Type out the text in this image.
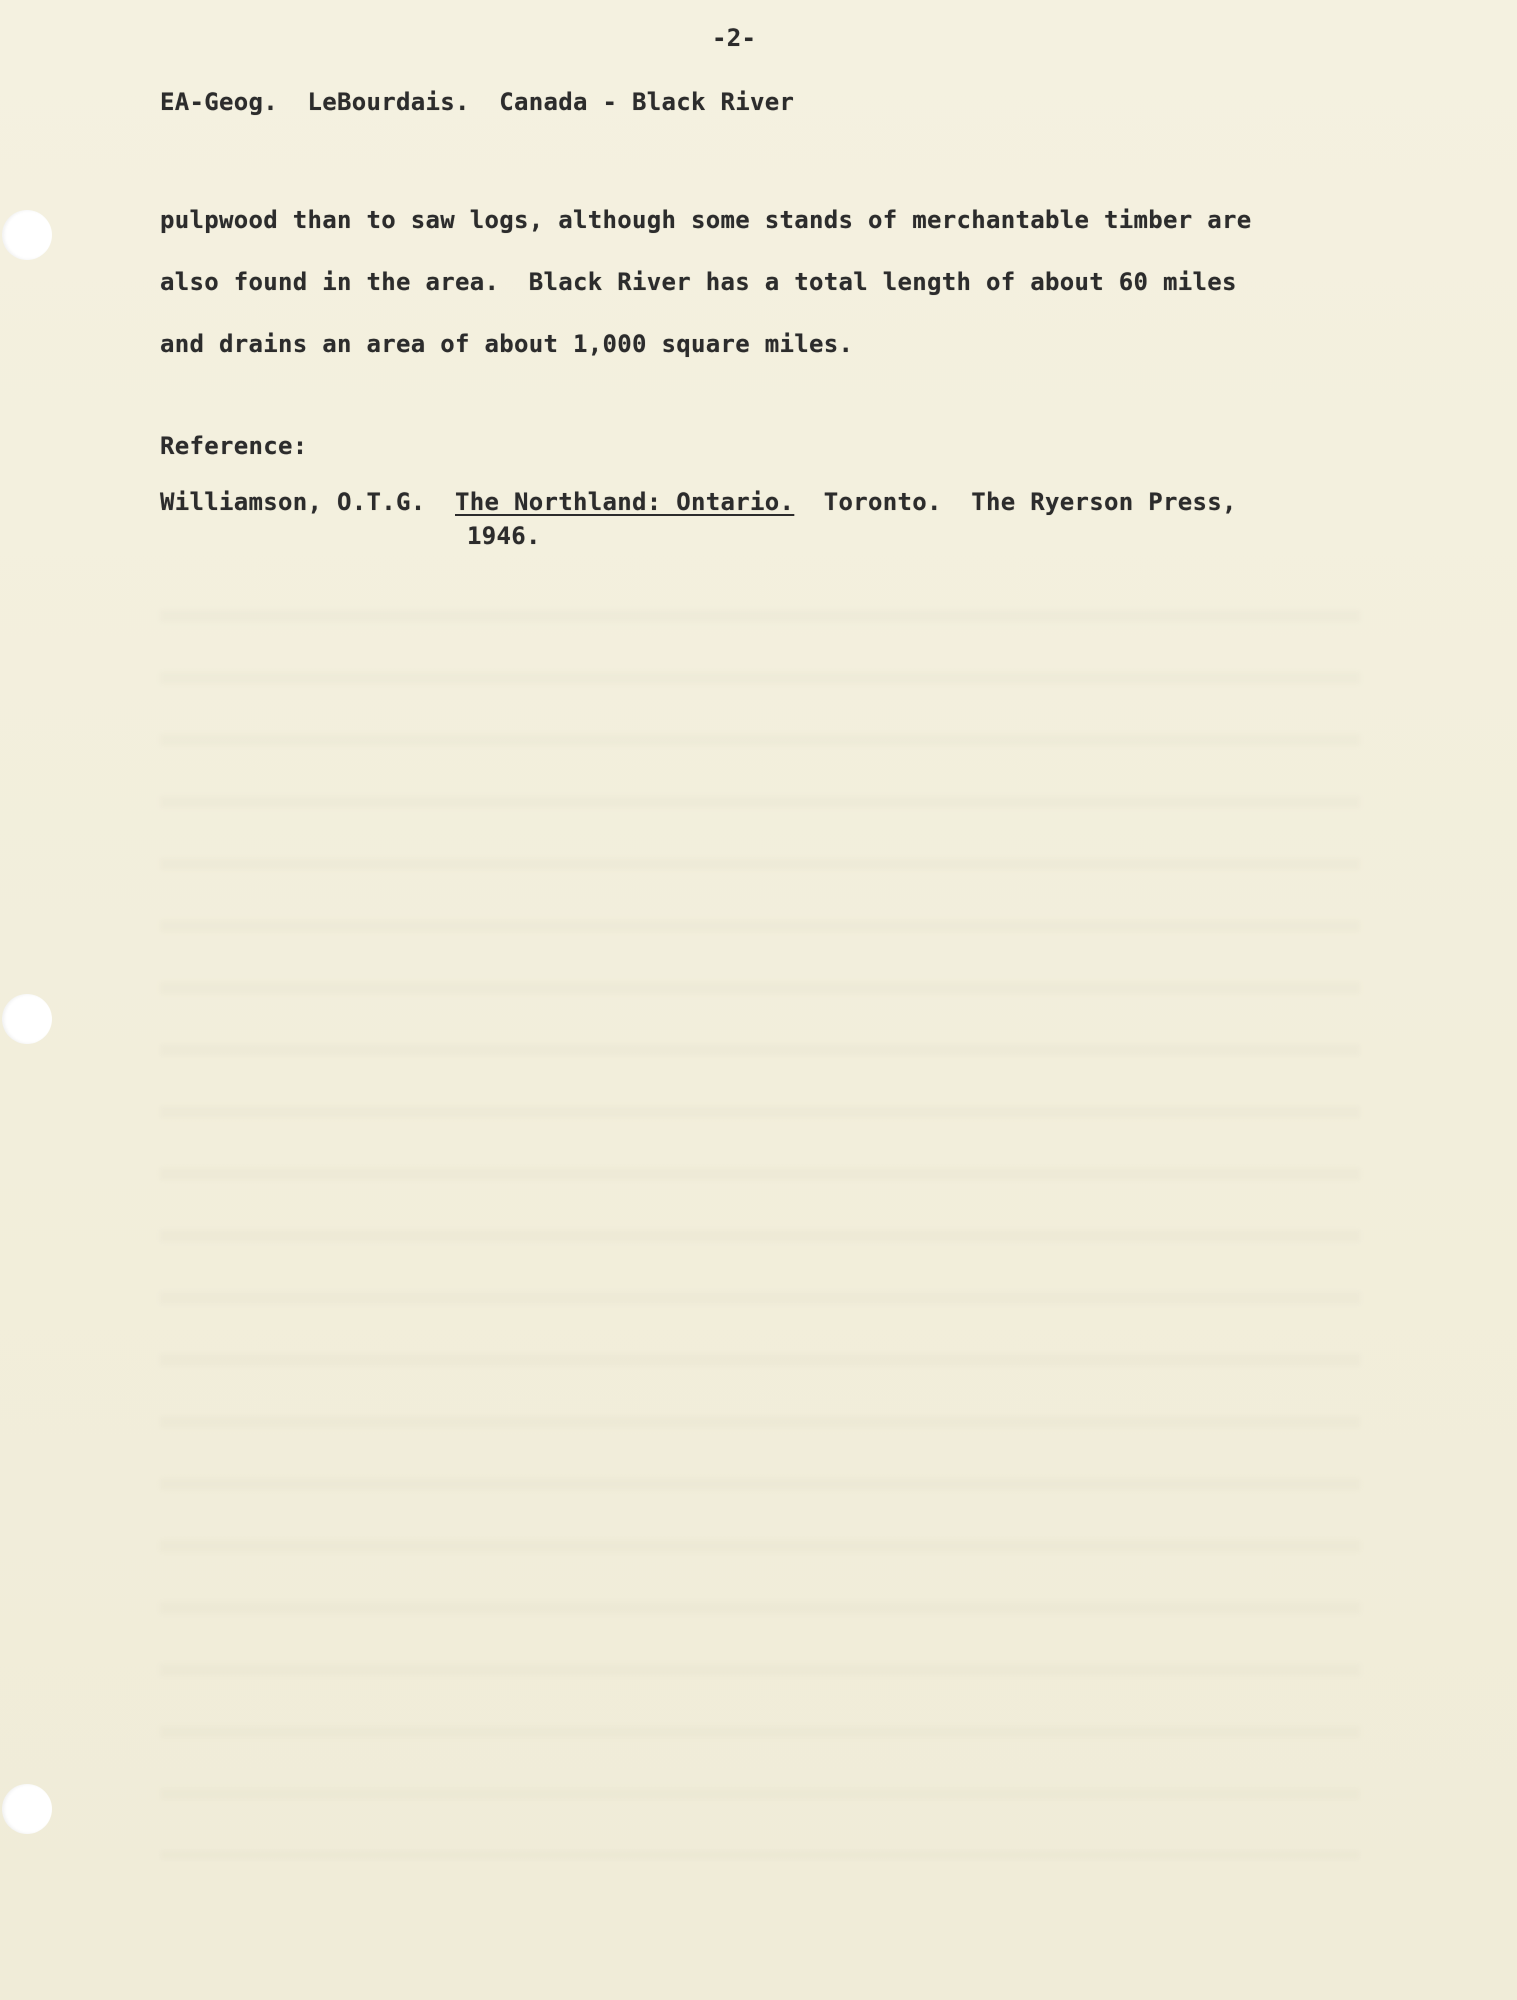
-2-
EA-Geog.  LeBourdais.  Canada - Black River
pulpwood than to saw logs, although some stands of merchantable timber are
also found in the area.  Black River has a total length of about 60 miles
and drains an area of about 1,000 square miles.
Reference:
Williamson, O.T.G. The Northland: Ontario. Toronto.  The Ryerson Press,
1946.
